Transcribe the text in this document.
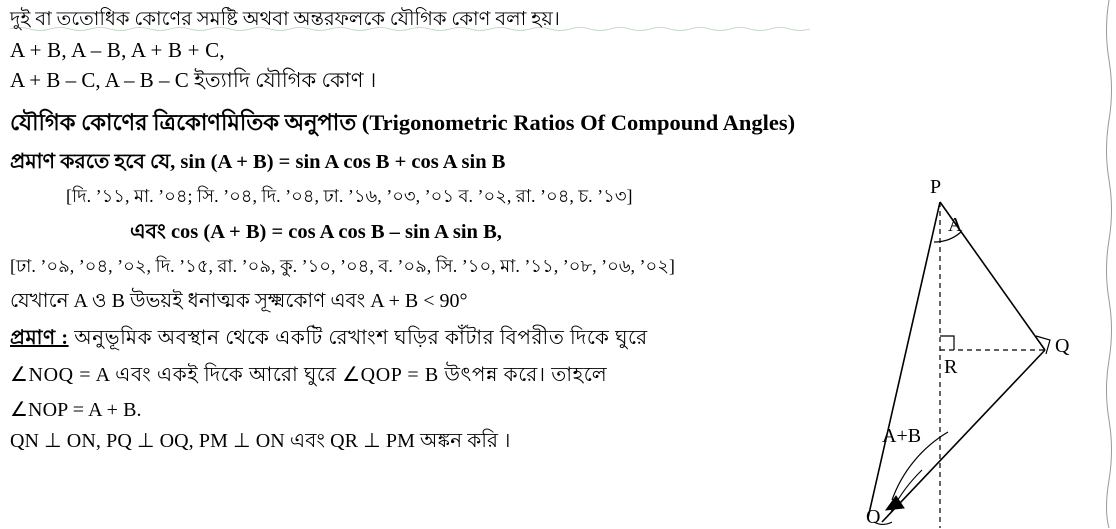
দুই বা ততোধিক কোণের সমষ্টি অথবা অন্তরফলকে যৌগিক কোণ বলা হয়।
A + B, A – B, A + B + C,
A + B – C, A – B – C ইত্যাদি যৌগিক কোণ ।
যৌগিক কোণের ত্রিকোণমিতিক অনুপাত (Trigonometric Ratios Of Compound Angles)
প্রমাণ করতে হবে যে, sin (A + B) = sin A cos B + cos A sin B
[দি. ’১১, মা. ’০৪; সি. ’০৪, দি. ’০৪, ঢা. ’১৬, ’০৩, ’০১ ব. ’০২, রা. ’০৪, চ. ’১৩]
এবং cos (A + B) = cos A cos B – sin A sin B,
[ঢা. ’০৯, ’০৪, ’০২, দি. ’১৫, রা. ’০৯, কু. ’১০, ’০৪, ব. ’০৯, সি. ’১০, মা. ’১১, ’০৮, ’০৬, ’০২]
যেখানে A ও B উভয়ই ধনাত্মক সূক্ষ্মকোণ এবং A + B < 90°
প্রমাণ : অনুভূমিক অবস্থান থেকে একটি রেখাংশ ঘড়ির কাঁটার বিপরীত দিকে ঘুরে
∠NOQ = A এবং একই দিকে আরো ঘুরে ∠QOP = B উৎপন্ন করে। তাহলে
∠NOP = A + B.
QN ⊥ ON, PQ ⊥ OQ, PM ⊥ ON এবং QR ⊥ PM অঙ্কন করি ।
P
Q
R
A
A+B
O
